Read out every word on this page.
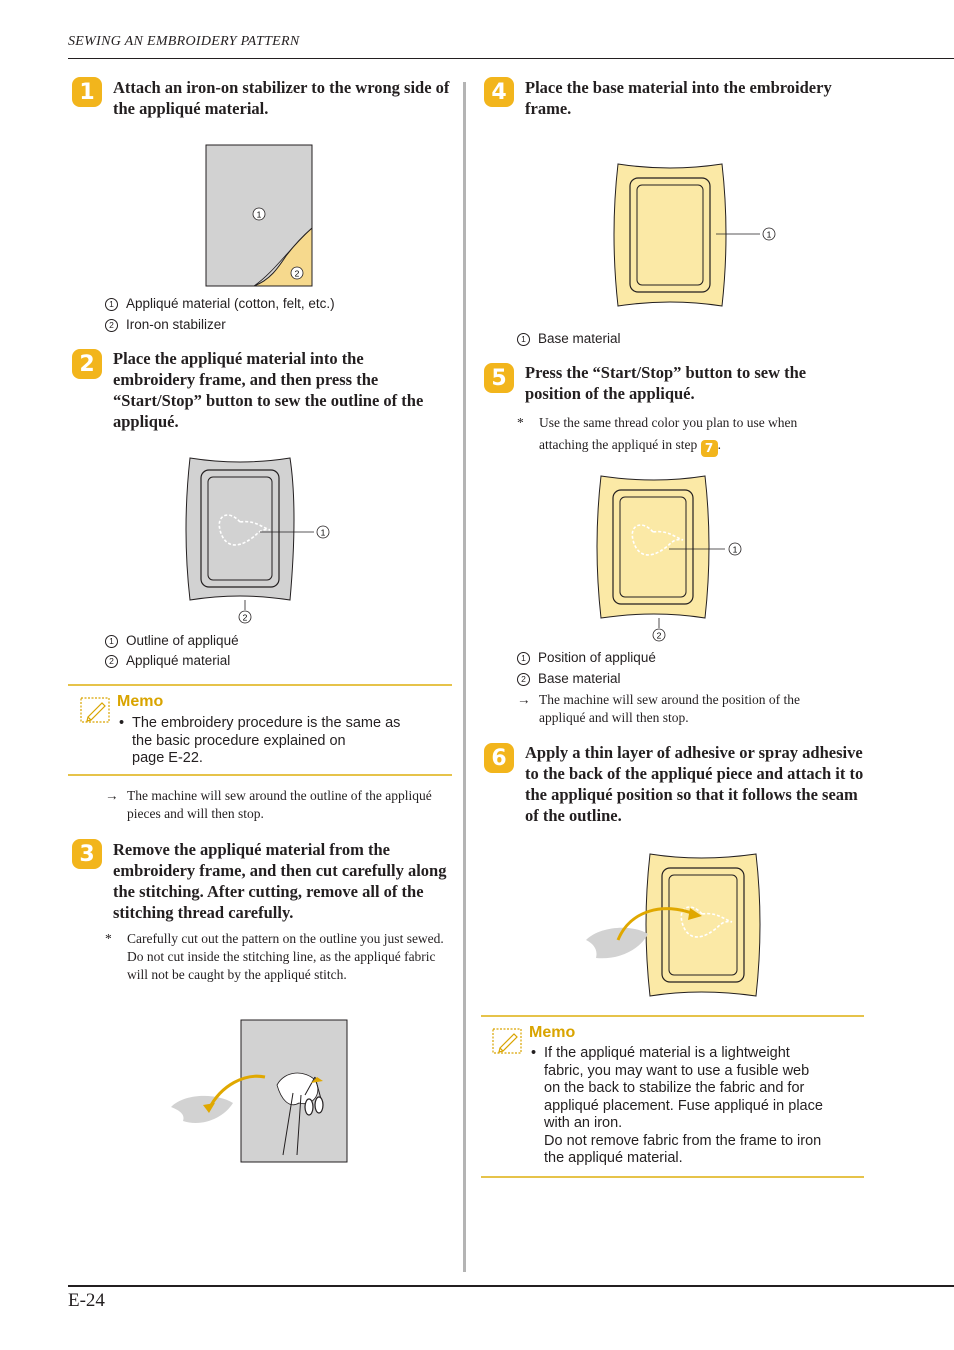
SEWING AN EMBROIDERY PATTERN
E-24
1	Attach an iron-on stabilizer to the wrong side of the appliqué material.
1
2
1 Appliqué material (cotton, felt, etc.)
2 Iron-on stabilizer
2	Place the appliqué material into the embroidery frame, and then press the “Start/Stop” button to sew the outline of the appliqué.
1
2
1 Outline of appliqué
2 Appliqué material
Memo
• The embroidery procedure is the same as
the basic procedure explained on
page E-22.
→ The machine will sew around the outline of the appliqué pieces and will then stop.
3	Remove the appliqué material from the embroidery frame, and then cut carefully along the stitching. After cutting, remove all of the stitching thread carefully.
* Carefully cut out the pattern on the outline you just sewed. Do not cut inside the stitching line, as the appliqué fabric will not be caught by the appliqué stitch.
4	Place the base material into the embroidery frame.
1
1 Base material
5	Press the “Start/Stop” button to sew the position of the appliqué.
* Use the same thread color you plan to use when attaching the appliqué in step 7 .
1
2
1 Position of appliqué
2 Base material
→ The machine will sew around the position of the appliqué and will then stop.
6	Apply a thin layer of adhesive or spray adhesive to the back of the appliqué piece and attach it to the appliqué position so that it follows the seam of the outline.
Memo
• If the appliqué material is a lightweight
fabric, you may want to use a fusible web
on the back to stabilize the fabric and for
appliqué placement. Fuse appliqué in place
with an iron.
Do not remove fabric from the frame to iron
the appliqué material.
